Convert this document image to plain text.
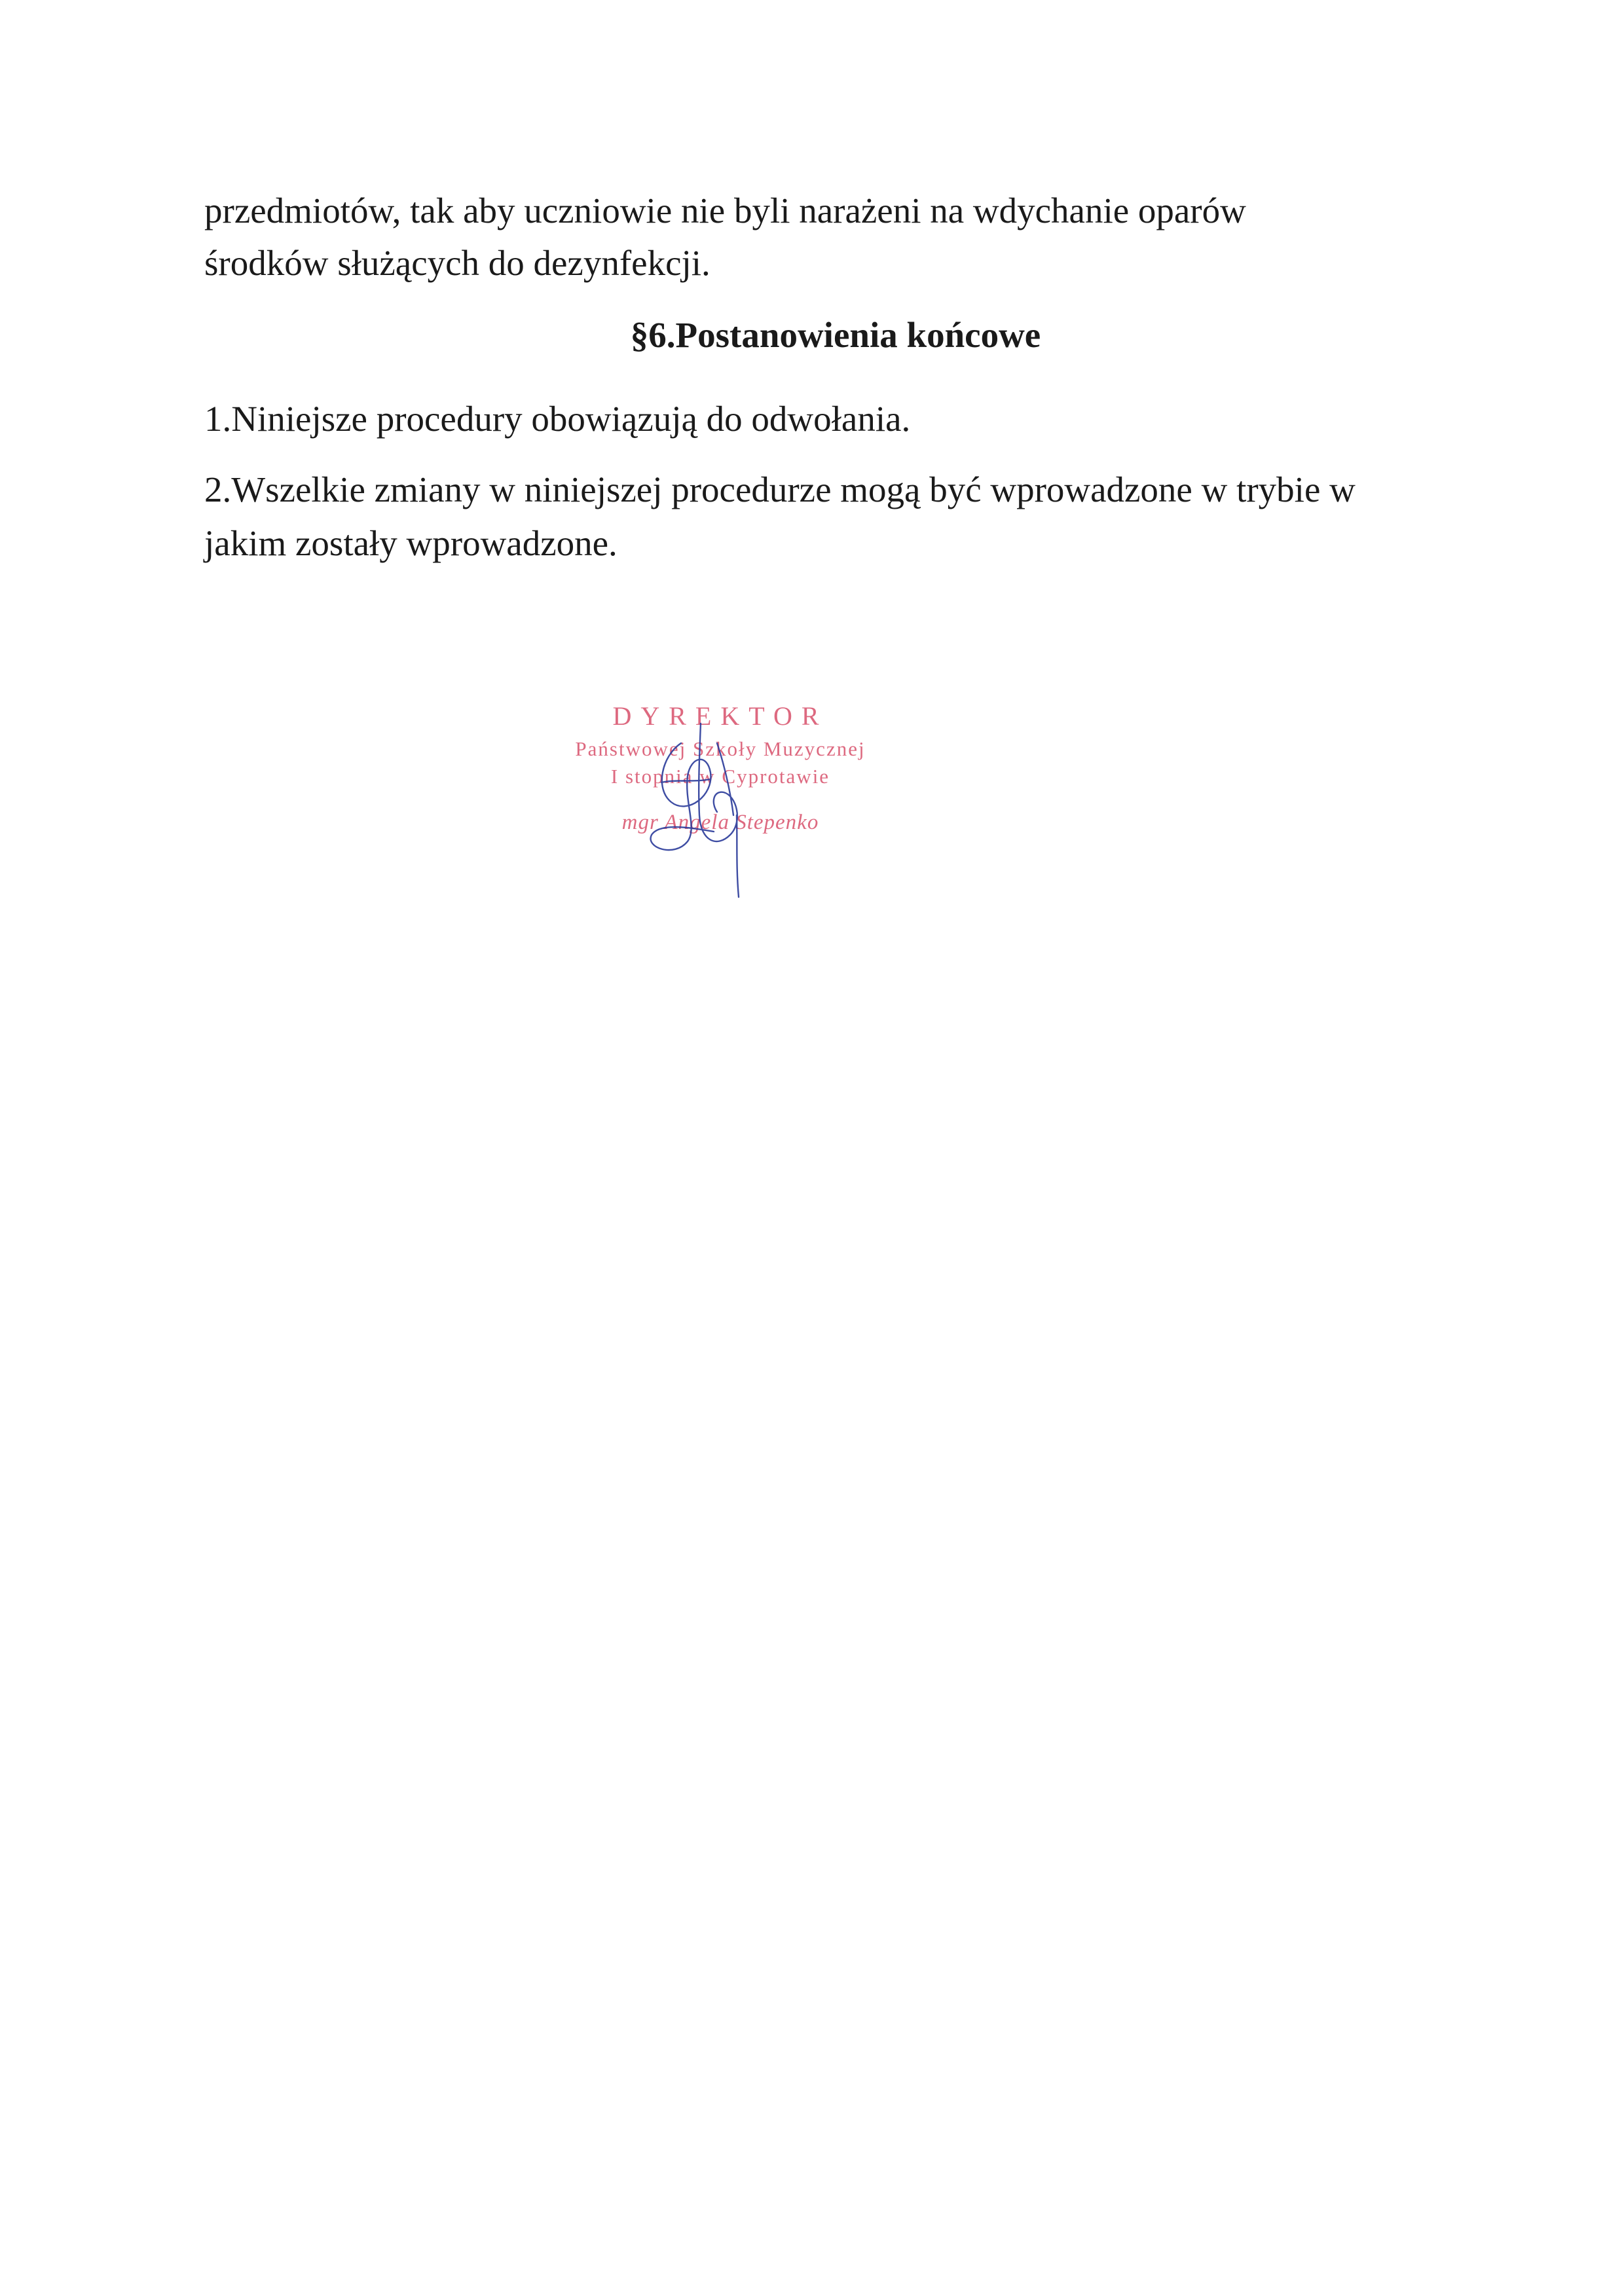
przedmiotów, tak aby uczniowie nie byli narażeni na wdychanie oparów

środków służących do dezynfekcji.

§6.Postanowienia końcowe

1.Niniejsze procedury obowiązują do odwołania.

2.Wszelkie zmiany w niniejszej procedurze mogą być wprowadzone w trybie w

jakim zostały wprowadzone.

DYREKTOR
Państwowej Szkoły Muzycznej
I stopnia w Cyprotawie
mgr Angela Stepenko
